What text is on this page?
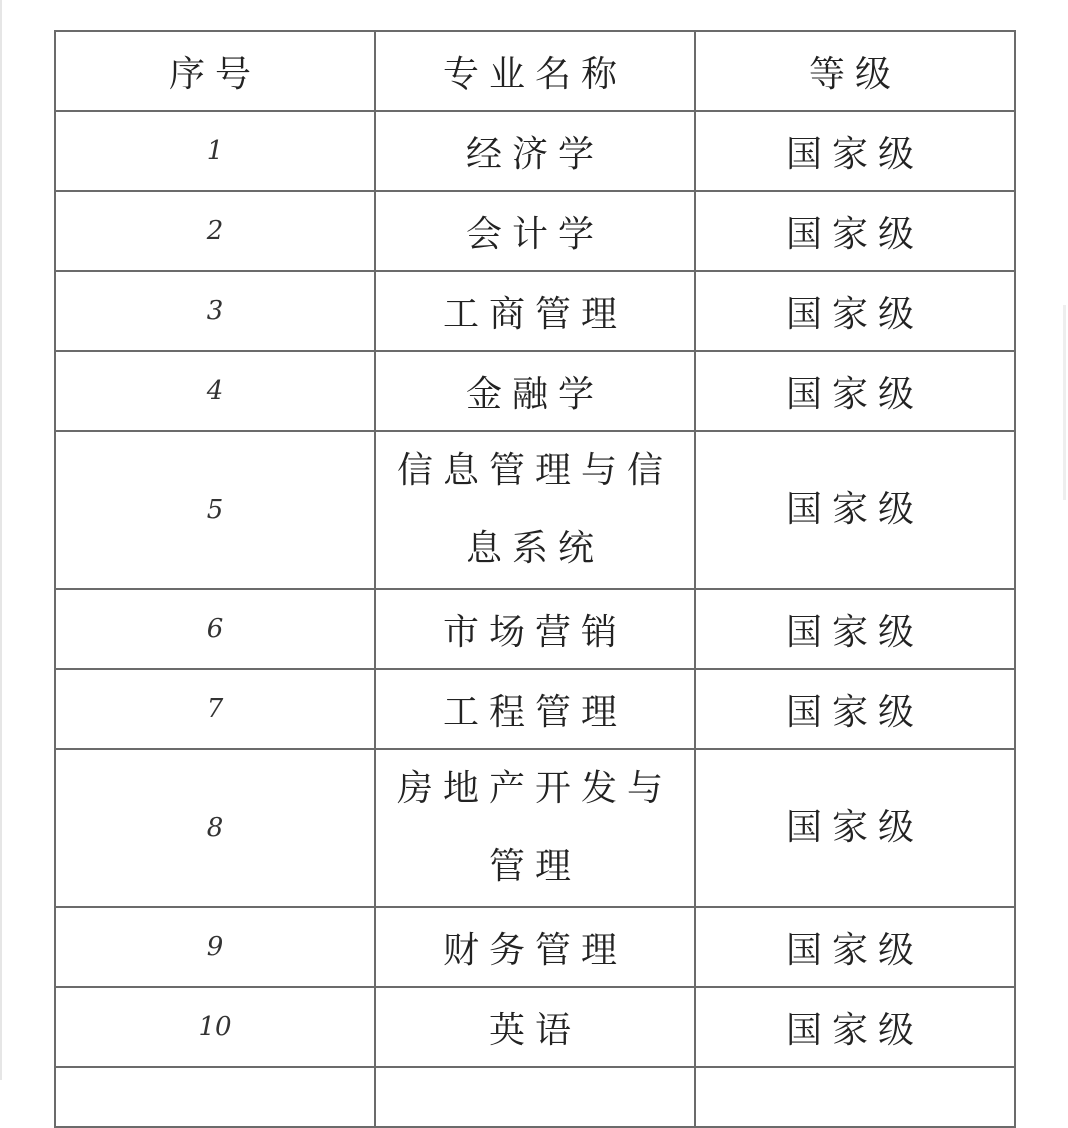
序号	专业名称	等级
1	经济学	国家级
2	会计学	国家级
3	工商管理	国家级
4	金融学	国家级
5	信息管理与信息系统	国家级
6	市场营销	国家级
7	工程管理	国家级
8	房地产开发与管理	国家级
9	财务管理	国家级
10	英语	国家级
